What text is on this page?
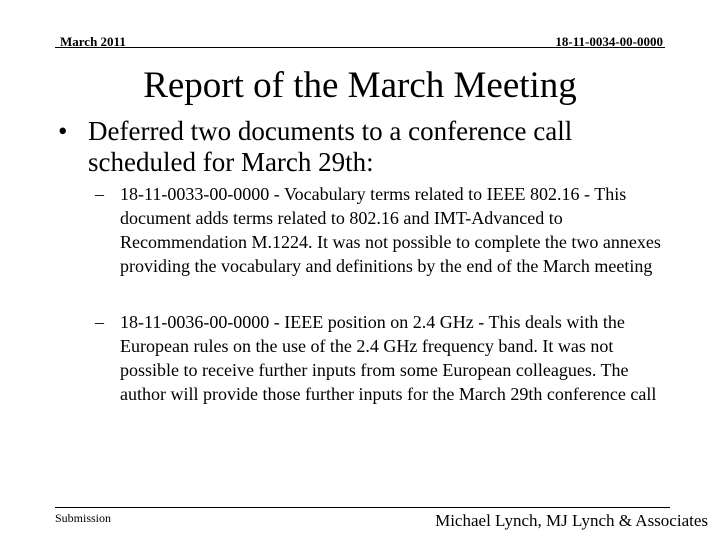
March 2011	18-11-0034-00-0000
Report of the March Meeting
• Deferred two documents to a conference call scheduled for March 29th:
– 18-11-0033-00-0000 - Vocabulary terms related to IEEE 802.16 - This document adds terms related to 802.16 and IMT-Advanced to Recommendation M.1224. It was not possible to complete the two annexes providing the vocabulary and definitions by the end of the March meeting
– 18-11-0036-00-0000 - IEEE position on 2.4 GHz - This deals with the European rules on the use of the 2.4 GHz frequency band. It was not possible to receive further inputs from some European colleagues. The author will provide those further inputs for the March 29th conference call
Submission	Michael Lynch, MJ Lynch & Associates
